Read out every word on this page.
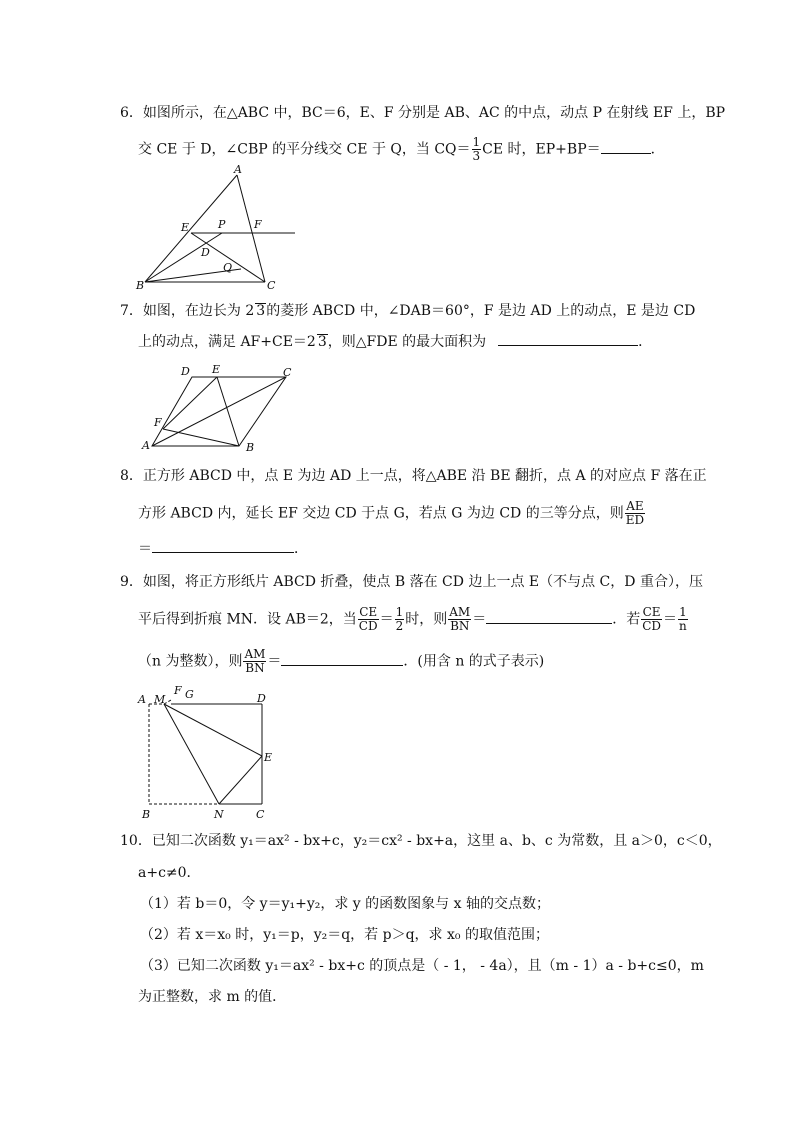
6．如图所示，在△ABC 中，BC＝6，E、F 分别是 AB、AC 的中点，动点 P 在射线 EF 上，BP
交 CE 于 D，∠CBP 的平分线交 CE 于 Q，当 $CQ= \frac{1}{3}$ CE 时，EP+BP＝	．
A
E	P	F
D
Q
B	C
7．如图，在边长为 2 3的菱形 ABCD 中，∠DAB＝60°，F 是边 AD 上的动点，E 是边 CD
上的动点，满足 AF+CE＝2 3，则△FDE 的最大面积为	．
D E	C
F
A	B
8．正方形 ABCD 中，点 E 为边 AD 上一点，将△ABE 沿 BE 翻折，点 A 的对应点 F 落在正
方形 ABCD 内，延长 EF 交边 CD 于点 G，若点 G 为边 CD 的三等分点，则 $\frac{AE}{ED}$
＝	．
9．如图，将正方形纸片 ABCD 折叠，使点 B 落在 CD 边上一点 E（不与点 C，D 重合），压
平后得到折痕 MN．设 AB＝2，当 $\frac{CE}{CD} = \frac{1}{2}$ 时，则 $\frac{AM}{BN}$ ＝	．若 $\frac{CE}{CD} = \frac{1}{n}$
（n 为整数），则 $\frac{AM}{BN}$ ＝	．(用含 n 的式子表示)
A M
F G	D
E
B	N	C
10．已知二次函数 y₁＝ax² - bx+c，y₂＝cx² - bx+a，这里 a、b、c 为常数，且 a＞0，c＜0，
a+c≠0．
（1）若 b＝0，令 y＝y₁+y₂，求 y 的函数图象与 x 轴的交点数；
（2）若 x＝x₀ 时，y₁＝p，y₂＝q，若 p＞q，求 x₀ 的取值范围；
（3）已知二次函数 y₁＝ax² - bx+c 的顶点是（ - 1， - 4a），且（m - 1）a - b+c≤0，m
为正整数，求 m 的值．
